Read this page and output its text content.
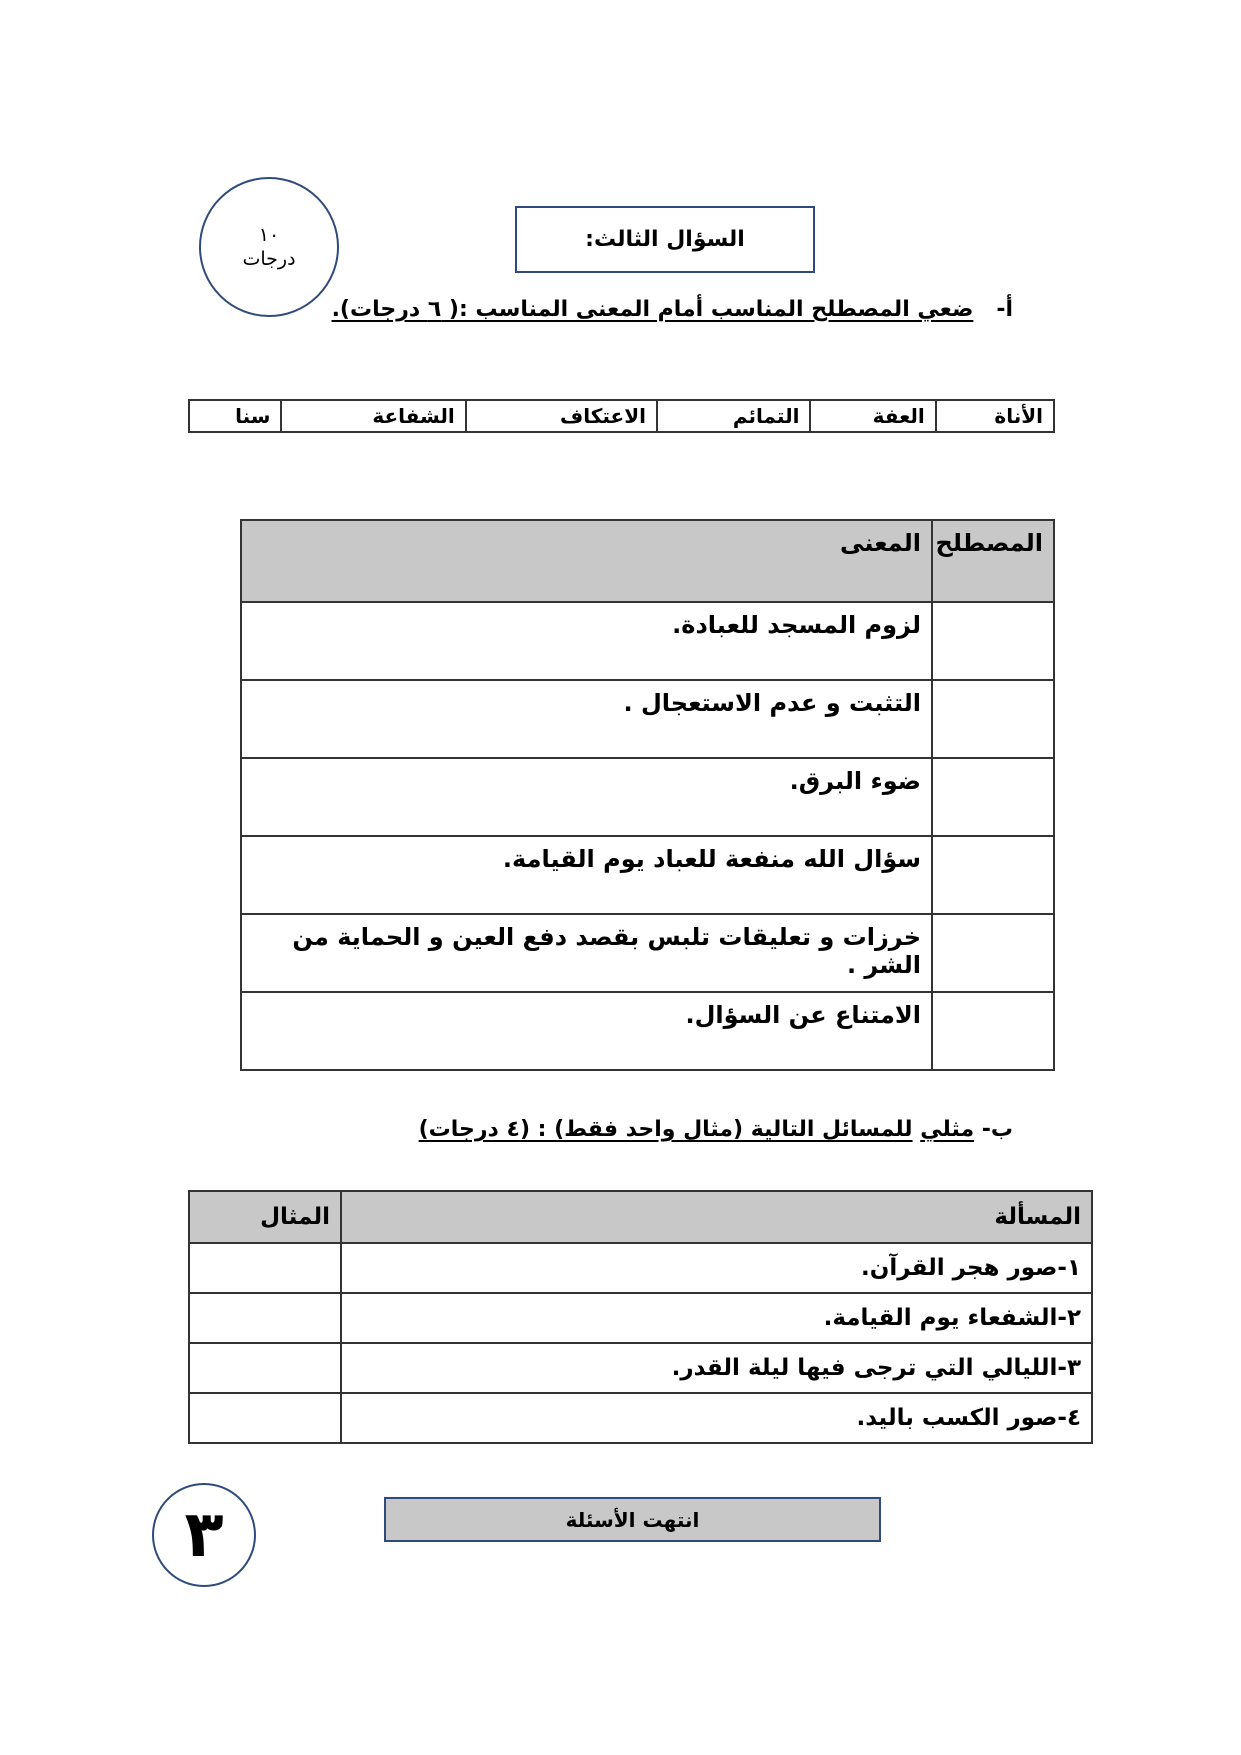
١٠
درجات
السؤال الثالث:
أ-   ضعي المصطلح المناسب أمام المعنى المناسب :( ٦ درجات).
الأناة	العفة	التمائم	الاعتكاف	الشفاعة	سنا
المصطلح	المعنى
	لزوم المسجد للعبادة.
	التثبت و عدم الاستعجال .
	ضوء البرق.
	سؤال الله منفعة للعباد يوم القيامة.
	خرزات و تعليقات تلبس بقصد دفع العين و الحماية من الشر .
	الامتناع عن السؤال.
ب- مثلي للمسائل التالية (مثال واحد فقط) : (٤ درجات)
المسألة	المثال
١-صور هجر القرآن.	
٢-الشفعاء يوم القيامة.	
٣-الليالي التي ترجى فيها ليلة القدر.	
٤-صور الكسب باليد.	
٣	انتهت الأسئلة
